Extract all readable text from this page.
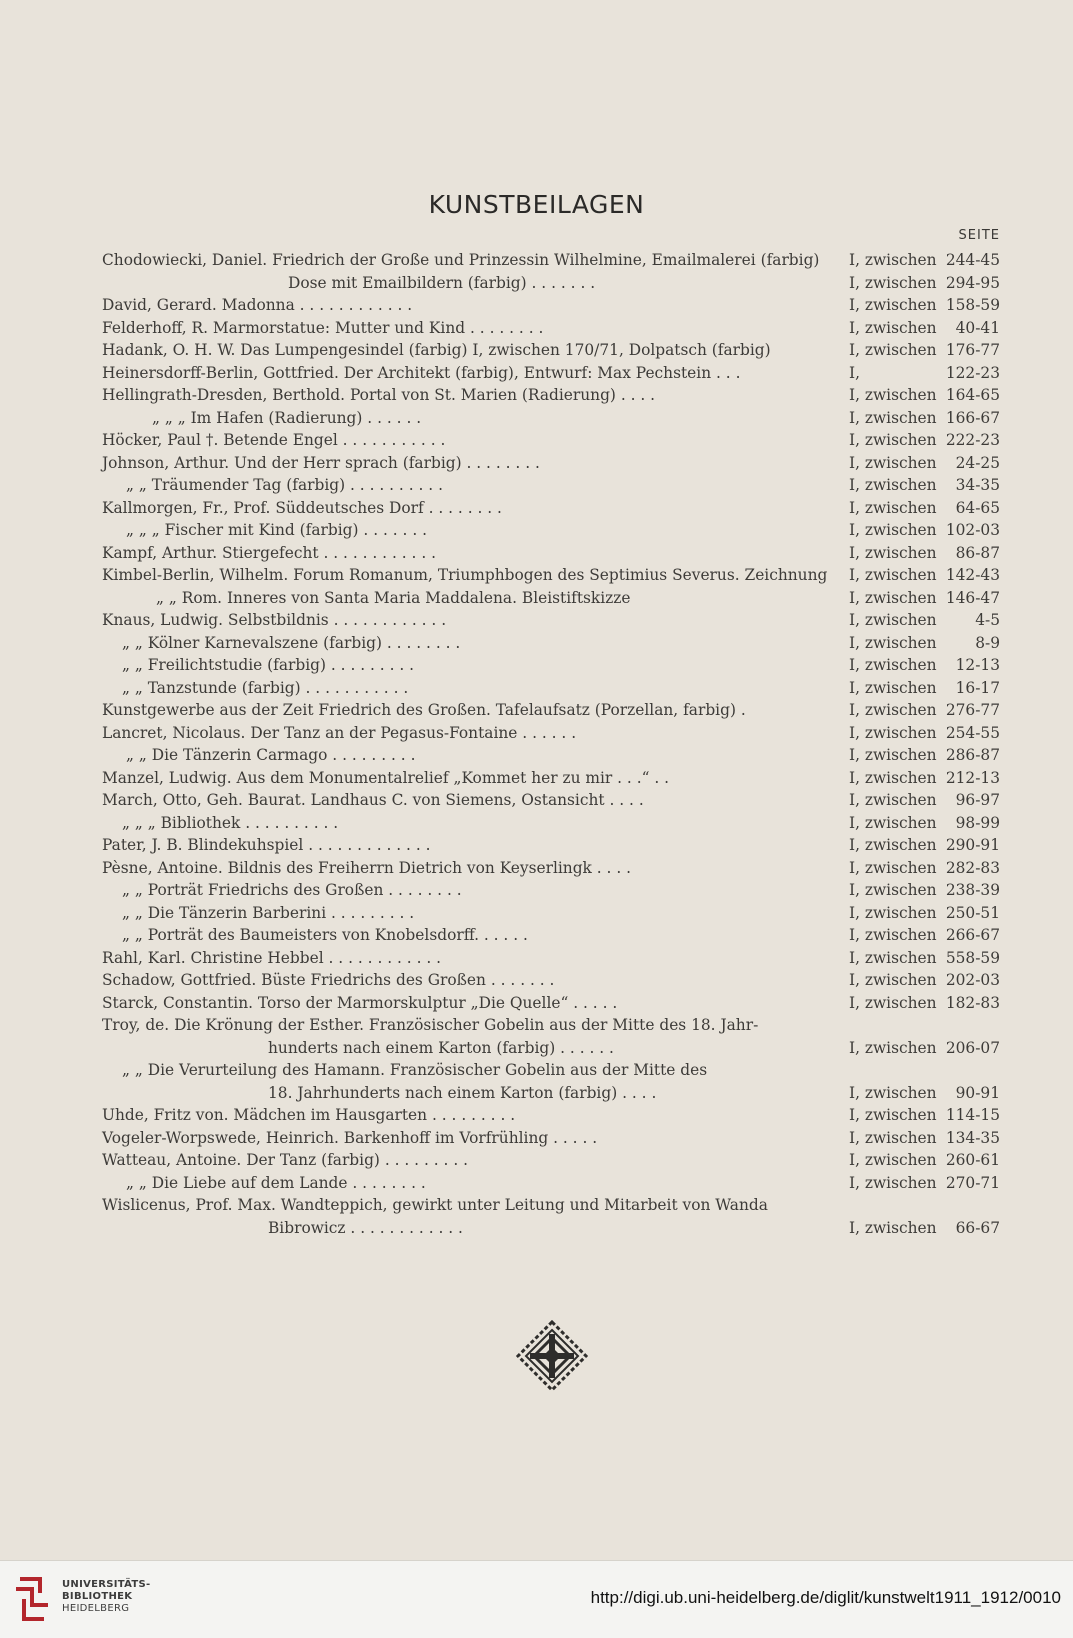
KUNSTBEILAGEN
SEITE
Chodowiecki, Daniel. Friedrich der Große und Prinzessin Wilhelmine, Emailmalerei (farbig) I, zwischen 244-45
Dose mit Emailbildern (farbig) . . . . . . .	I, zwischen 294-95
David, Gerard. Madonna . . . . . . . . . . . .	I, zwischen 158-59
Felderhoff, R. Marmorstatue: Mutter und Kind . . . . . . . .	I, zwischen 40-41
Hadank, O. H. W. Das Lumpengesindel (farbig) I, zwischen 170/71, Dolpatsch (farbig)	I, zwischen 176-77
Heinersdorff-Berlin, Gottfried. Der Architekt (farbig), Entwurf: Max Pechstein . . .	I,	122-23
Hellingrath-Dresden, Berthold. Portal von St. Marien (Radierung) . . . .	I, zwischen 164-65
„ „ „ Im Hafen (Radierung) . . . . . .	I, zwischen 166-67
Höcker, Paul †. Betende Engel . . . . . . . . . . .	I, zwischen 222-23
Johnson, Arthur. Und der Herr sprach (farbig) . . . . . . . .	I, zwischen 24-25
„ „ Träumender Tag (farbig) . . . . . . . . . .	I, zwischen 34-35
Kallmorgen, Fr., Prof. Süddeutsches Dorf . . . . . . . .	I, zwischen 64-65
„ „ „ Fischer mit Kind (farbig) . . . . . . .	I, zwischen 102-03
Kampf, Arthur. Stiergefecht . . . . . . . . . . . .	I, zwischen 86-87
Kimbel-Berlin, Wilhelm. Forum Romanum, Triumphbogen des Septimius Severus. Zeichnung I, zwischen 142-43
„ „ Rom. Inneres von Santa Maria Maddalena. Bleistiftskizze	I, zwischen 146-47
Knaus, Ludwig. Selbstbildnis . . . . . . . . . . . .	I, zwischen	4-5
„ „ Kölner Karnevalszene (farbig) . . . . . . . .	I, zwischen	8-9
„ „ Freilichtstudie (farbig) . . . . . . . . .	I, zwischen 12-13
„ „ Tanzstunde (farbig) . . . . . . . . . . .	I, zwischen 16-17
Kunstgewerbe aus der Zeit Friedrich des Großen. Tafelaufsatz (Porzellan, farbig) .	I, zwischen 276-77
Lancret, Nicolaus. Der Tanz an der Pegasus-Fontaine . . . . . .	I, zwischen 254-55
„ „ Die Tänzerin Carmago . . . . . . . . .	I, zwischen 286-87
Manzel, Ludwig. Aus dem Monumentalrelief „Kommet her zu mir . . .“ . .	I, zwischen 212-13
March, Otto, Geh. Baurat. Landhaus C. von Siemens, Ostansicht . . . .	I, zwischen 96-97
„ „ „ Bibliothek . . . . . . . . . .	I, zwischen 98-99
Pater, J. B. Blindekuhspiel . . . . . . . . . . . . .	I, zwischen 290-91
Pèsne, Antoine. Bildnis des Freiherrn Dietrich von Keyserlingk . . . .	I, zwischen 282-83
„ „ Porträt Friedrichs des Großen . . . . . . . .	I, zwischen 238-39
„ „ Die Tänzerin Barberini . . . . . . . . .	I, zwischen 250-51
„ „ Porträt des Baumeisters von Knobelsdorff. . . . . .	I, zwischen 266-67
Rahl, Karl. Christine Hebbel . . . . . . . . . . . .	I, zwischen 558-59
Schadow, Gottfried. Büste Friedrichs des Großen . . . . . . .	I, zwischen 202-03
Starck, Constantin. Torso der Marmorskulptur „Die Quelle“ . . . . .	I, zwischen 182-83
Troy, de. Die Krönung der Esther. Französischer Gobelin aus der Mitte des 18. Jahr-
hunderts nach einem Karton (farbig) . . . . . .	I, zwischen 206-07
„ „ Die Verurteilung des Hamann. Französischer Gobelin aus der Mitte des
18. Jahrhunderts nach einem Karton (farbig) . . . .	I, zwischen 90-91
Uhde, Fritz von. Mädchen im Hausgarten . . . . . . . . .	I, zwischen 114-15
Vogeler-Worpswede, Heinrich. Barkenhoff im Vorfrühling . . . . .	I, zwischen 134-35
Watteau, Antoine. Der Tanz (farbig) . . . . . . . . .	I, zwischen 260-61
„ „ Die Liebe auf dem Lande . . . . . . . .	I, zwischen 270-71
Wislicenus, Prof. Max. Wandteppich, gewirkt unter Leitung und Mitarbeit von Wanda
Bibrowicz . . . . . . . . . . . .	I, zwischen 66-67
UNIVERSITÄTS-
BIBLIOTHEK
HEIDELBERG
http://digi.ub.uni-heidelberg.de/diglit/kunstwelt1911_1912/0010
